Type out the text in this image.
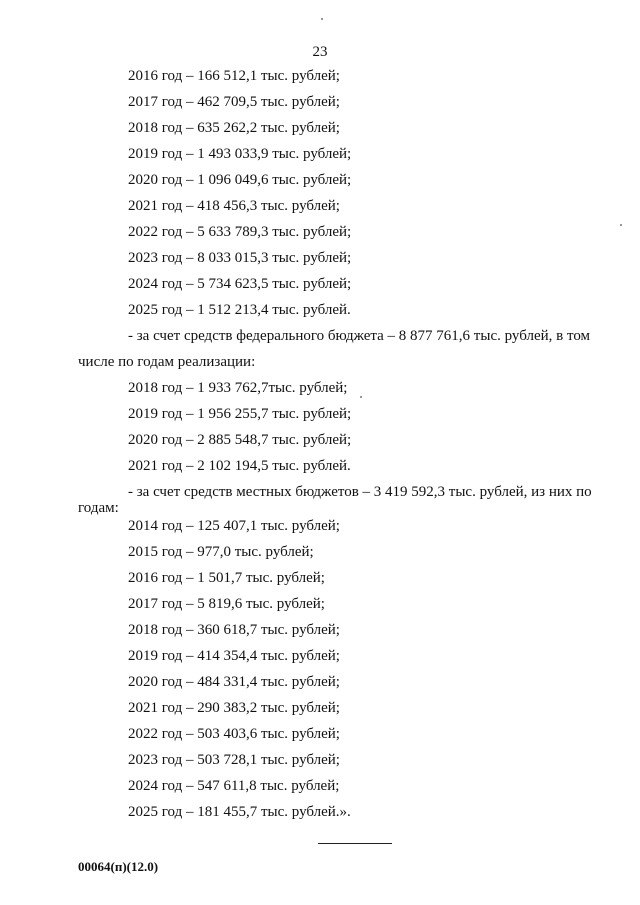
23
2016 год – 166 512,1 тыс. рублей;
2017 год – 462 709,5 тыс. рублей;
2018 год – 635 262,2 тыс. рублей;
2019 год – 1 493 033,9 тыс. рублей;
2020 год – 1 096 049,6 тыс. рублей;
2021 год – 418 456,3 тыс. рублей;
2022 год – 5 633 789,3 тыс. рублей;
2023 год – 8 033 015,3 тыс. рублей;
2024 год – 5 734 623,5 тыс. рублей;
2025 год – 1 512 213,4 тыс. рублей.
- за счет средств федерального бюджета – 8 877 761,6 тыс. рублей, в том
числе по годам реализации:
2018 год – 1 933 762,7тыс. рублей;
2019 год – 1 956 255,7 тыс. рублей;
2020 год – 2 885 548,7 тыс. рублей;
2021 год – 2 102 194,5 тыс. рублей.
- за счет средств местных бюджетов – 3 419 592,3 тыс. рублей, из них по
годам:
2014 год – 125 407,1 тыс. рублей;
2015 год – 977,0 тыс. рублей;
2016 год – 1 501,7 тыс. рублей;
2017 год – 5 819,6 тыс. рублей;
2018 год – 360 618,7 тыс. рублей;
2019 год – 414 354,4 тыс. рублей;
2020 год – 484 331,4 тыс. рублей;
2021 год – 290 383,2 тыс. рублей;
2022 год – 503 403,6 тыс. рублей;
2023 год – 503 728,1 тыс. рублей;
2024 год – 547 611,8 тыс. рублей;
2025 год – 181 455,7 тыс. рублей.».
00064(п)(12.0)
